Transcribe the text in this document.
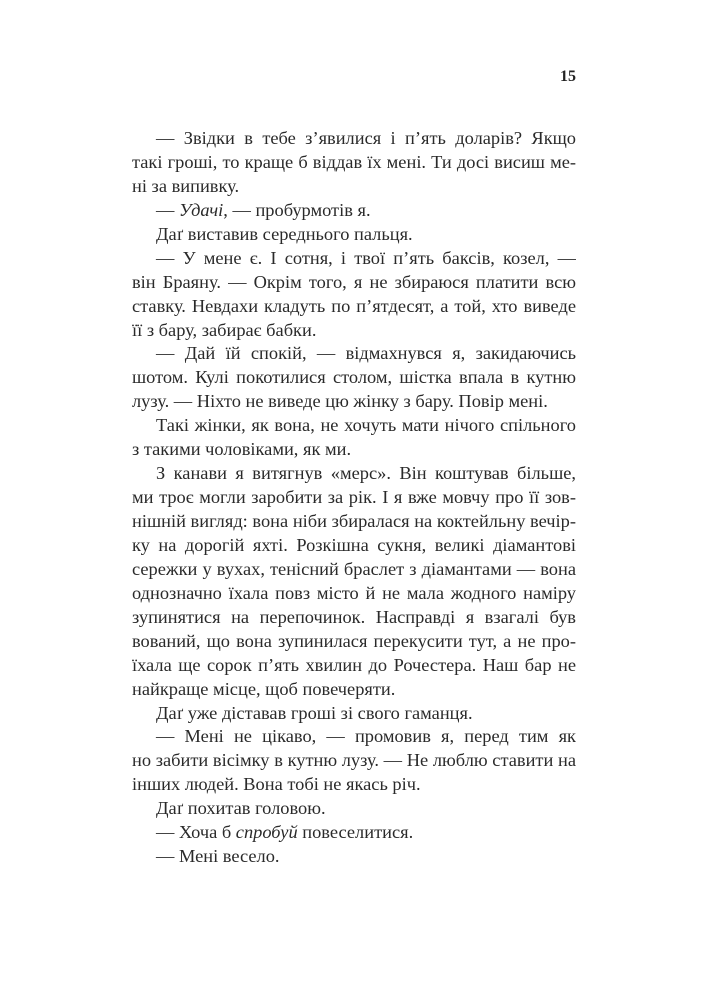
15
— Звідки в тебе з’явилися і п’ять доларів? Якщо
такі гроші, то краще б віддав їх мені. Ти досі висиш ме-
ні за випивку.
— Удачі, — пробурмотів я.
Даґ виставив середнього пальця.
— У мене є. І сотня, і твої п’ять баксів, козел, —
він Браяну. — Окрім того, я не збираюся платити всю
ставку. Невдахи кладуть по п’ятдесят, а той, хто виведе
її з бару, забирає бабки.
— Дай їй спокій, — відмахнувся я, закидаючись
шотом. Кулі покотилися столом, шістка впала в кутню
лузу. — Ніхто не виведе цю жінку з бару. Повір мені.
Такі жінки, як вона, не хочуть мати нічого спільного
з такими чоловіками, як ми.
З канави я витягнув «мерс». Він коштував більше,
ми троє могли заробити за рік. І я вже мовчу про її зов-
нішній вигляд: вона ніби збиралася на коктейльну вечір-
ку на дорогій яхті. Розкішна сукня, великі діамантові
сережки у вухах, тенісний браслет з діамантами — вона
однозначно їхала повз місто й не мала жодного наміру
зупинятися на перепочинок. Насправді я взагалі був
вований, що вона зупинилася перекусити тут, а не про-
їхала ще сорок п’ять хвилин до Рочестера. Наш бар не
найкраще місце, щоб повечеряти.
Даґ уже діставав гроші зі свого гаманця.
— Мені не цікаво, — промовив я, перед тим як
но забити вісімку в кутню лузу. — Не люблю ставити на
інших людей. Вона тобі не якась річ.
Даґ похитав головою.
— Хоча б спробуй повеселитися.
— Мені весело.
